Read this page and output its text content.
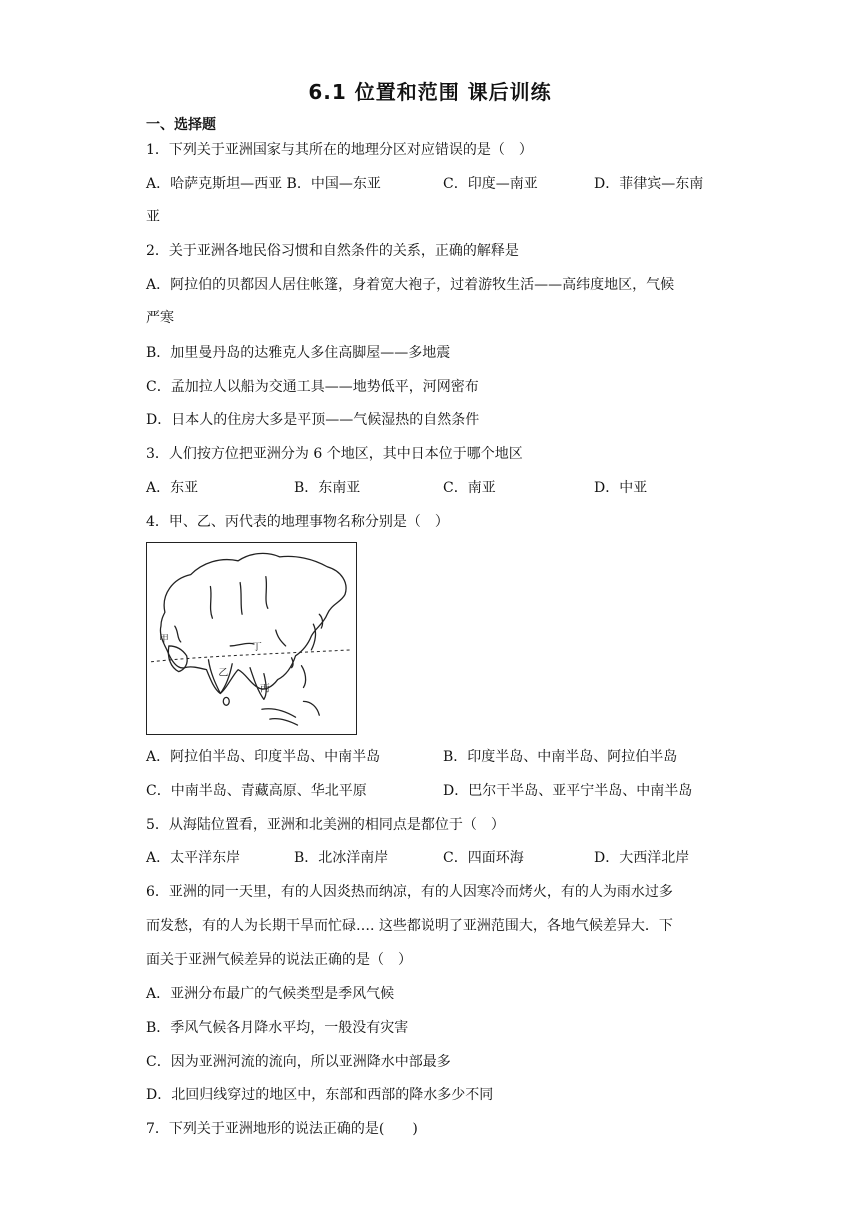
6.1 位置和范围 课后训练
一、选择题
1．下列关于亚洲国家与其所在的地理分区对应错误的是（　）
A．哈萨克斯坦—西亚 B．中国—东亚	C．印度—南亚	D．菲律宾—东南
亚
2．关于亚洲各地民俗习惯和自然条件的关系，正确的解释是
A．阿拉伯的贝都因人居住帐篷，身着宽大袍子，过着游牧生活——高纬度地区，气候
严寒
B．加里曼丹岛的达雅克人多住高脚屋——多地震
C．孟加拉人以船为交通工具——地势低平，河网密布
D．日本人的住房大多是平顶——气候湿热的自然条件
3．人们按方位把亚洲分为 6 个地区，其中日本位于哪个地区
A．东亚	B．东南亚	C．南亚	D．中亚
4．甲、乙、丙代表的地理事物名称分别是（　）
甲
乙
丙
丁
A．阿拉伯半岛、印度半岛、中南半岛	B．印度半岛、中南半岛、阿拉伯半岛
C．中南半岛、青藏高原、华北平原	D．巴尔干半岛、亚平宁半岛、中南半岛
5．从海陆位置看，亚洲和北美洲的相同点是都位于（　）
A．太平洋东岸	B．北冰洋南岸	C．四面环海	D．大西洋北岸
6．亚洲的同一天里，有的人因炎热而纳凉，有的人因寒冷而烤火，有的人为雨水过多
而发愁，有的人为长期干旱而忙碌…. 这些都说明了亚洲范围大，各地气候差异大．下
面关于亚洲气候差异的说法正确的是（　）
A．亚洲分布最广的气候类型是季风气候
B．季风气候各月降水平均，一般没有灾害
C．因为亚洲河流的流向，所以亚洲降水中部最多
D．北回归线穿过的地区中，东部和西部的降水多少不同
7．下列关于亚洲地形的说法正确的是(　　)
